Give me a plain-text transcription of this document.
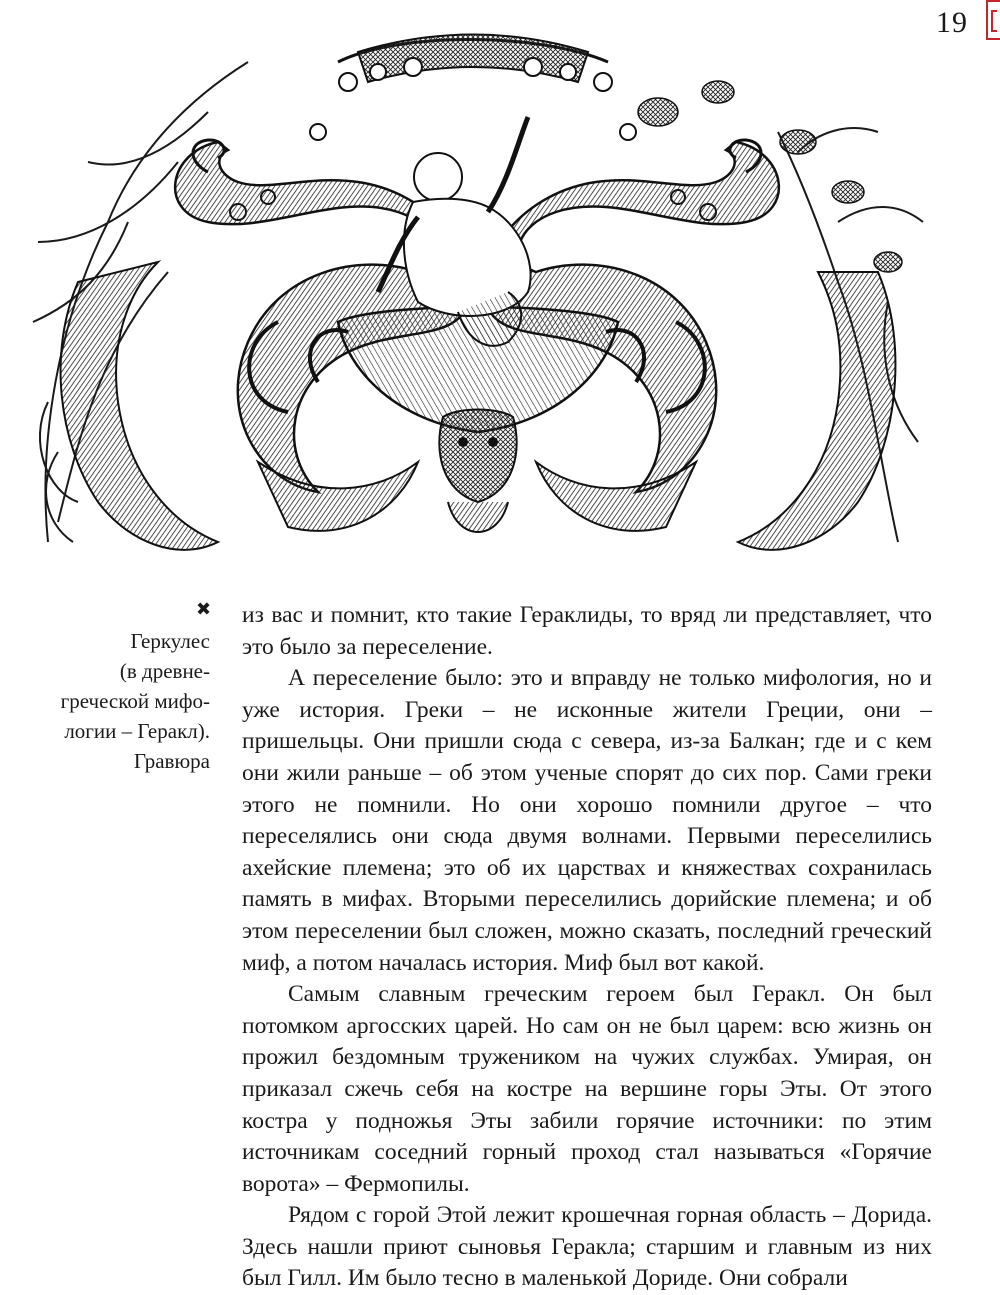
19
✖
Геркулес
(в древне-
греческой мифо-
логии – Геракл).
Гравюра

из вас и помнит, кто такие Гераклиды, то вряд ли представляет, что это было за переселение.

А переселение было: это и вправду не только мифология, но и уже история. Греки – не исконные жители Греции, они – пришельцы. Они пришли сюда с севера, из-за Балкан; где и с кем они жили раньше – об этом ученые спорят до сих пор. Сами греки этого не помнили. Но они хорошо помнили другое – что переселялись они сюда двумя волнами. Первыми переселились ахейские племена; это об их царствах и княжествах сохранилась память в мифах. Вторыми переселились дорийские племена; и об этом переселении был сложен, можно сказать, последний греческий миф, а потом началась история. Миф был вот какой.

Самым славным греческим героем был Геракл. Он был потомком аргосских царей. Но сам он не был царем: всю жизнь он прожил бездомным тружеником на чужих службах. Умирая, он приказал сжечь себя на костре на вершине горы Эты. От этого костра у подножья Эты забили горячие источники: по этим источникам соседний горный проход стал называться «Горячие ворота» – Фермопилы.

Рядом с горой Этой лежит крошечная горная область – Дорида. Здесь нашли приют сыновья Геракла; старшим и главным из них был Гилл. Им было тесно в маленькой Дориде. Они собрали
